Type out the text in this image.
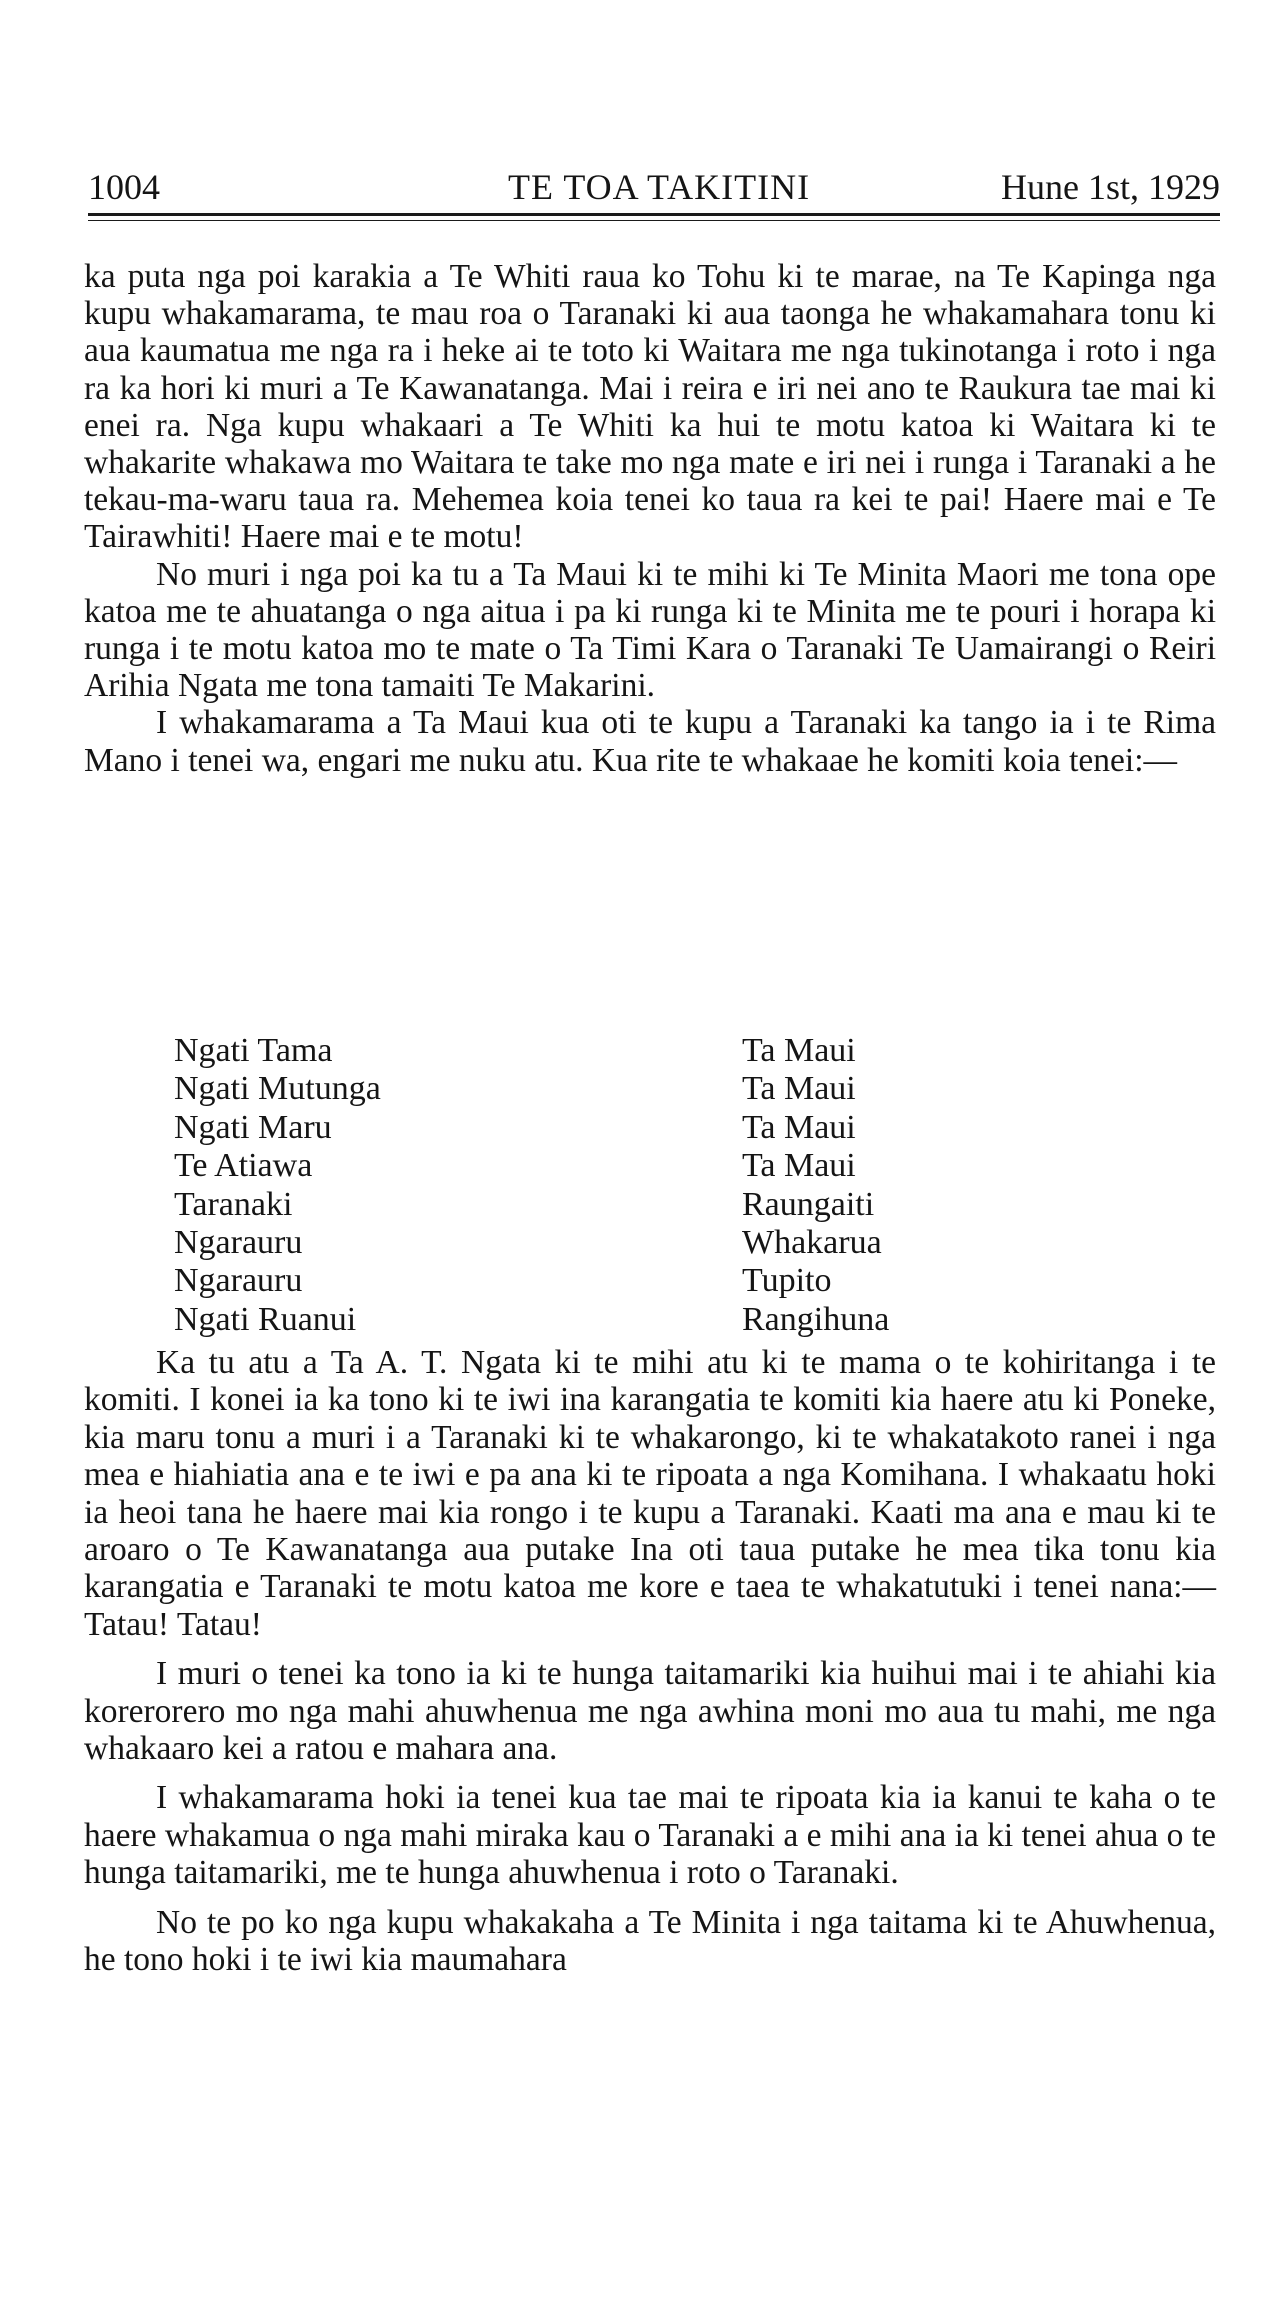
1004	TE TOA TAKITINI	Hune 1st, 1929

ka puta nga poi karakia a Te Whiti raua ko Tohu ki te marae, na Te Kapinga nga kupu whakamarama, te mau roa o Taranaki ki aua taonga he whakamahara tonu ki aua kaumatua me nga ra i heke ai te toto ki Waitara me nga tukinotanga i roto i nga ra ka hori ki muri a Te Kawanatanga. Mai i reira e iri nei ano te Raukura tae mai ki enei ra. Nga kupu whakaari a Te Whiti ka hui te motu katoa ki Waitara ki te whakarite whakawa mo Waitara te take mo nga mate e iri nei i runga i Taranaki a he tekau-ma-waru taua ra. Mehemea koia tenei ko taua ra kei te pai! Haere mai e Te Tairawhiti! Haere mai e te motu!

No muri i nga poi ka tu a Ta Maui ki te mihi ki Te Minita Maori me tona ope katoa me te ahuatanga o nga aitua i pa ki runga ki te Minita me te pouri i horapa ki runga i te motu katoa mo te mate o Ta Timi Kara o Taranaki Te Uamairangi o Reiri Arihia Ngata me tona tamaiti Te Makarini.

I whakamarama a Ta Maui kua oti te kupu a Taranaki ka tango ia i te Rima Mano i tenei wa, engari me nuku atu. Kua rite te whakaae he komiti koia tenei:—

Ngati Tama	Ta Maui
Ngati Mutunga	Ta Maui
Ngati Maru	Ta Maui
Te Atiawa	Ta Maui
Taranaki	Raungaiti
Ngarauru	Whakarua
Ngarauru	Tupito
Ngati Ruanui	Rangihuna

Ka tu atu a Ta A. T. Ngata ki te mihi atu ki te mama o te kohiritanga i te komiti. I konei ia ka tono ki te iwi ina karangatia te komiti kia haere atu ki Poneke, kia maru tonu a muri i a Taranaki ki te whakarongo, ki te whakatakoto ranei i nga mea e hiahiatia ana e te iwi e pa ana ki te ripoata a nga Komihana. I whakaatu hoki ia heoi tana he haere mai kia rongo i te kupu a Taranaki. Kaati ma ana e mau ki te aroaro o Te Kawanatanga aua putake Ina oti taua putake he mea tika tonu kia karangatia e Taranaki te motu katoa me kore e taea te whakatutuki i tenei nana:—Tatau! Tatau!

I muri o tenei ka tono ia ki te hunga taitamariki kia huihui mai i te ahiahi kia korerorero mo nga mahi ahuwhenua me nga awhina moni mo aua tu mahi, me nga whakaaro kei a ratou e mahara ana.

I whakamarama hoki ia tenei kua tae mai te ripoata kia ia kanui te kaha o te haere whakamua o nga mahi miraka kau o Taranaki a e mihi ana ia ki tenei ahua o te hunga taitamariki, me te hunga ahuwhenua i roto o Taranaki.

No te po ko nga kupu whakakaha a Te Minita i nga taitama ki te Ahuwhenua, he tono hoki i te iwi kia maumahara
